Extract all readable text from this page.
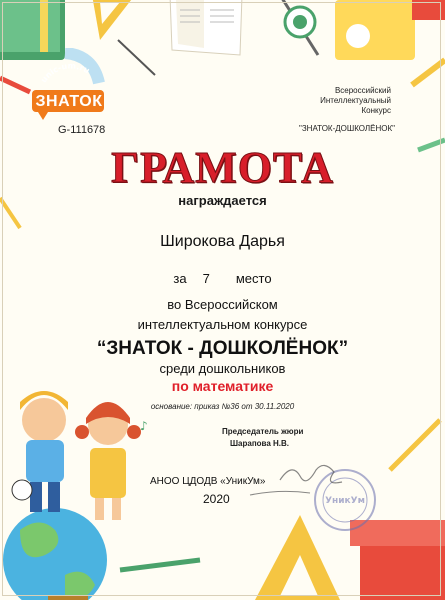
♪
УникУм
unic-um.ru

ЗНАТОК

G-111678

Всероссийский
Интеллектуальный
Конкурс

"ЗНАТОК-ДОШКОЛЁНОК"

ГРАМОТА

награждается

Широкова Дарья

за 7 место

во Всероссийском

интеллектуальном конкурсе

“ЗНАТОК - ДОШКОЛЁНОК”

среди дошкольников

по математике

основание: приказ №36 от 30.11.2020

Председатель жюри

Шарапова Н.В.

АНОО ЦДОДВ «УникУм»

2020
